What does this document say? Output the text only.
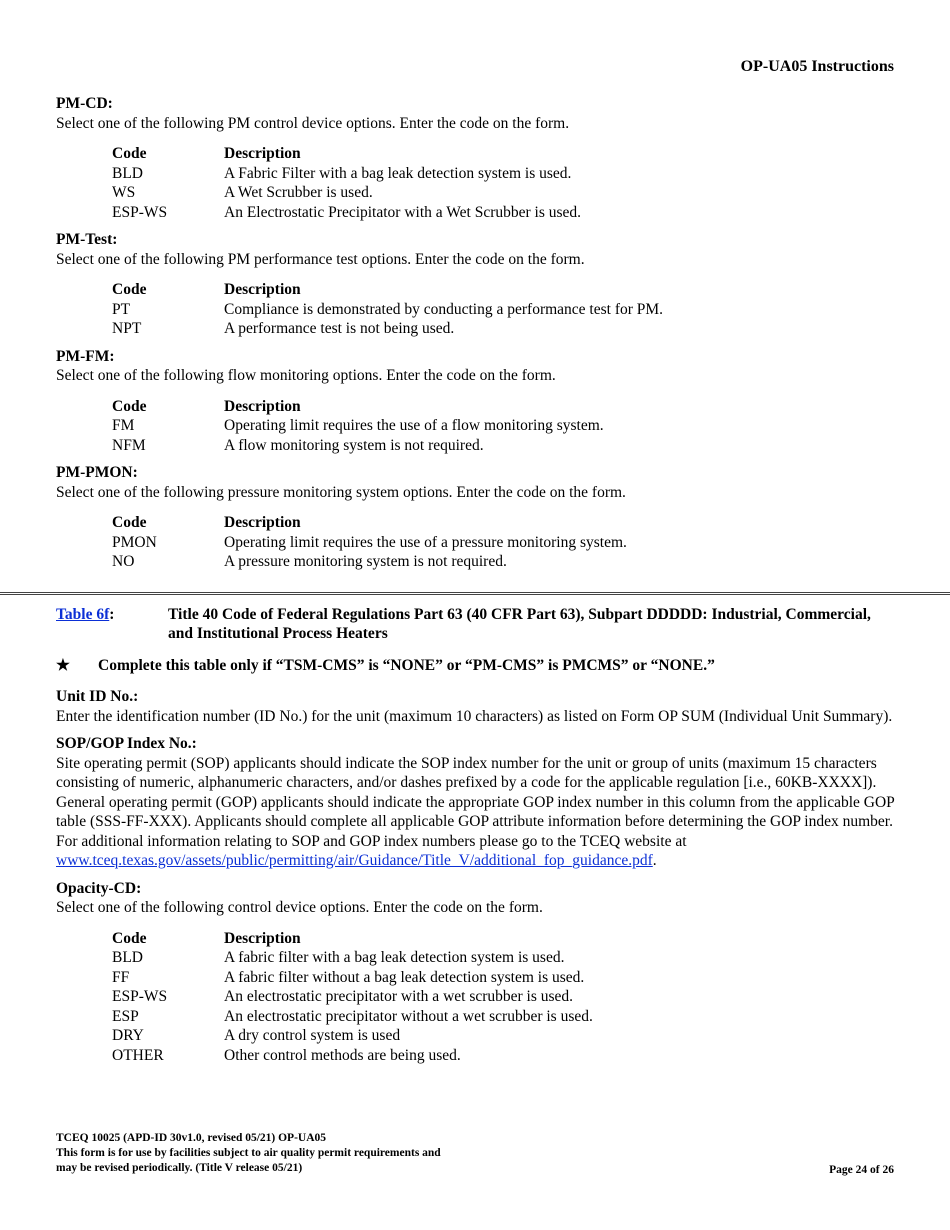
OP-UA05 Instructions
PM-CD:
Select one of the following PM control device options. Enter the code on the form.
Code	Description
BLD	A Fabric Filter with a bag leak detection system is used.
WS	A Wet Scrubber is used.
ESP-WS	An Electrostatic Precipitator with a Wet Scrubber is used.
PM-Test:
Select one of the following PM performance test options. Enter the code on the form.
Code	Description
PT	Compliance is demonstrated by conducting a performance test for PM.
NPT	A performance test is not being used.
PM-FM:
Select one of the following flow monitoring options. Enter the code on the form.
Code	Description
FM	Operating limit requires the use of a flow monitoring system.
NFM	A flow monitoring system is not required.
PM-PMON:
Select one of the following pressure monitoring system options. Enter the code on the form.
Code	Description
PMON	Operating limit requires the use of a pressure monitoring system.
NO	A pressure monitoring system is not required.
Table 6f:	Title 40 Code of Federal Regulations Part 63 (40 CFR Part 63), Subpart DDDDD: Industrial, Commercial, and Institutional Process Heaters
★	Complete this table only if “TSM-CMS” is “NONE” or “PM-CMS” is PMCMS” or “NONE.”
Unit ID No.:
Enter the identification number (ID No.) for the unit (maximum 10 characters) as listed on Form OP SUM (Individual Unit Summary).
SOP/GOP Index No.:
Site operating permit (SOP) applicants should indicate the SOP index number for the unit or group of units (maximum 15 characters consisting of numeric, alphanumeric characters, and/or dashes prefixed by a code for the applicable regulation [i.e., 60KB-XXXX]). General operating permit (GOP) applicants should indicate the appropriate GOP index number in this column from the applicable GOP table (SSS-FF-XXX). Applicants should complete all applicable GOP attribute information before determining the GOP index number. For additional information relating to SOP and GOP index numbers please go to the TCEQ website at
www.tceq.texas.gov/assets/public/permitting/air/Guidance/Title_V/additional_fop_guidance.pdf.
Opacity-CD:
Select one of the following control device options. Enter the code on the form.
Code	Description
BLD	A fabric filter with a bag leak detection system is used.
FF	A fabric filter without a bag leak detection system is used.
ESP-WS	An electrostatic precipitator with a wet scrubber is used.
ESP	An electrostatic precipitator without a wet scrubber is used.
DRY	A dry control system is used
OTHER	Other control methods are being used.
TCEQ 10025 (APD-ID 30v1.0, revised 05/21) OP-UA05
This form is for use by facilities subject to air quality permit requirements and
may be revised periodically. (Title V release 05/21)	Page 24 of 26
